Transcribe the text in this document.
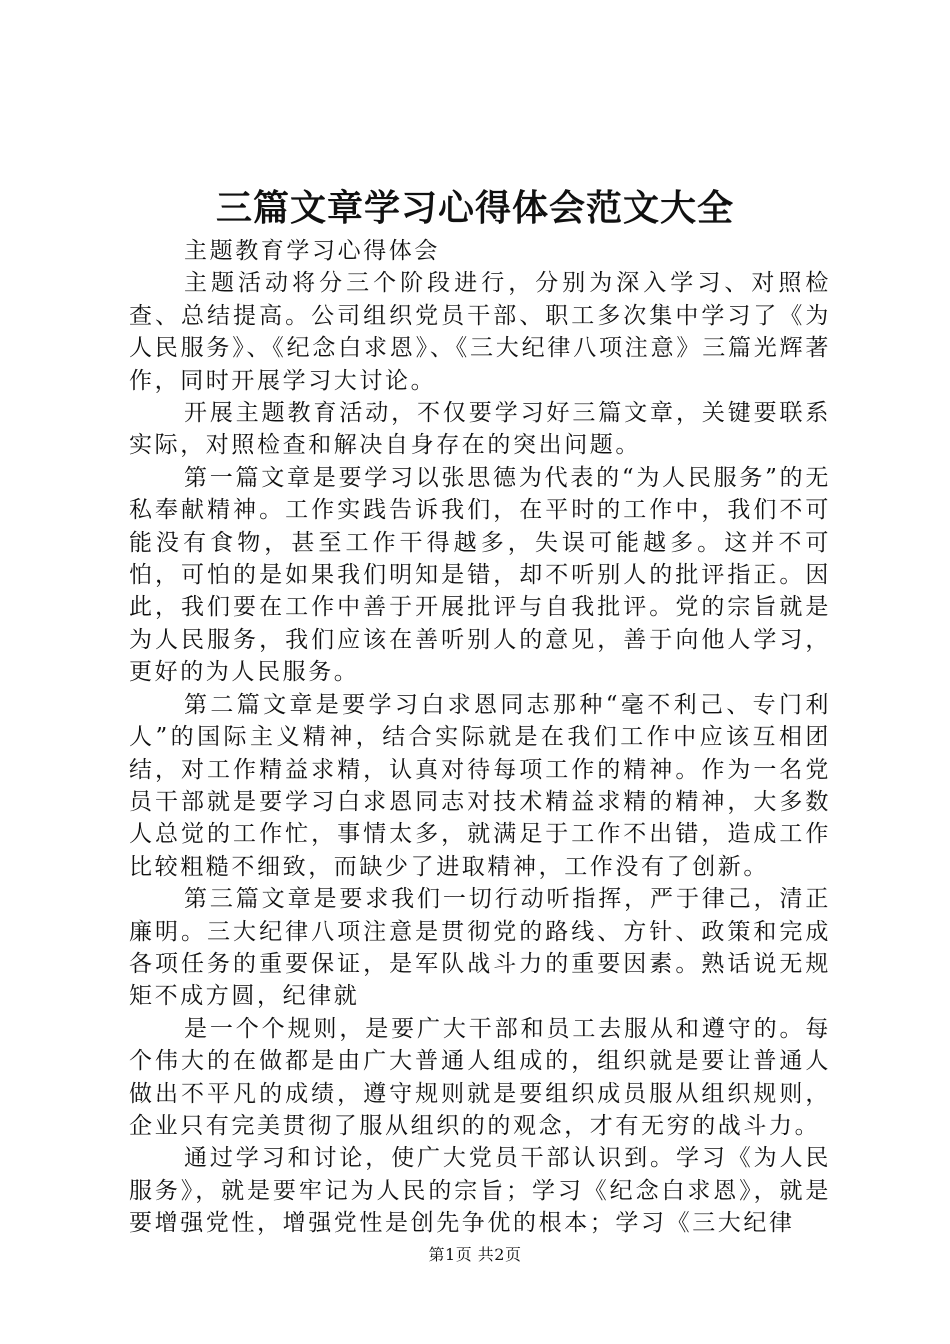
三篇文章学习心得体会范文大全

主题教育学习心得体会

主题活动将分三个阶段进行，分别为深入学习、对照检查、总结提高。公司组织党员干部、职工多次集中学习了《为人民服务》、《纪念白求恩》、《三大纪律八项注意》三篇光辉著作，同时开展学习大讨论。

开展主题教育活动，不仅要学习好三篇文章，关键要联系实际，对照检查和解决自身存在的突出问题。

第一篇文章是要学习以张思德为代表的“为人民服务”的无私奉献精神。工作实践告诉我们，在平时的工作中，我们不可能没有食物，甚至工作干得越多，失误可能越多。这并不可怕，可怕的是如果我们明知是错，却不听别人的批评指正。因此，我们要在工作中善于开展批评与自我批评。党的宗旨就是为人民服务，我们应该在善听别人的意见，善于向他人学习，更好的为人民服务。

第二篇文章是要学习白求恩同志那种“毫不利己、专门利人”的国际主义精神，结合实际就是在我们工作中应该互相团结，对工作精益求精，认真对待每项工作的精神。作为一名党员干部就是要学习白求恩同志对技术精益求精的精神，大多数人总觉的工作忙，事情太多，就满足于工作不出错，造成工作比较粗糙不细致，而缺少了进取精神，工作没有了创新。

第三篇文章是要求我们一切行动听指挥，严于律己，清正廉明。三大纪律八项注意是贯彻党的路线、方针、政策和完成各项任务的重要保证，是军队战斗力的重要因素。熟话说无规矩不成方圆，纪律就

是一个个规则，是要广大干部和员工去服从和遵守的。每个伟大的在做都是由广大普通人组成的，组织就是要让普通人做出不平凡的成绩，遵守规则就是要组织成员服从组织规则，企业只有完美贯彻了服从组织的的观念，才有无穷的战斗力。

通过学习和讨论，使广大党员干部认识到。学习《为人民服务》，就是要牢记为人民的宗旨；学习《纪念白求恩》，就是要增强党性，增强党性是创先争优的根本；学习《三大纪律

第1页 共2页
